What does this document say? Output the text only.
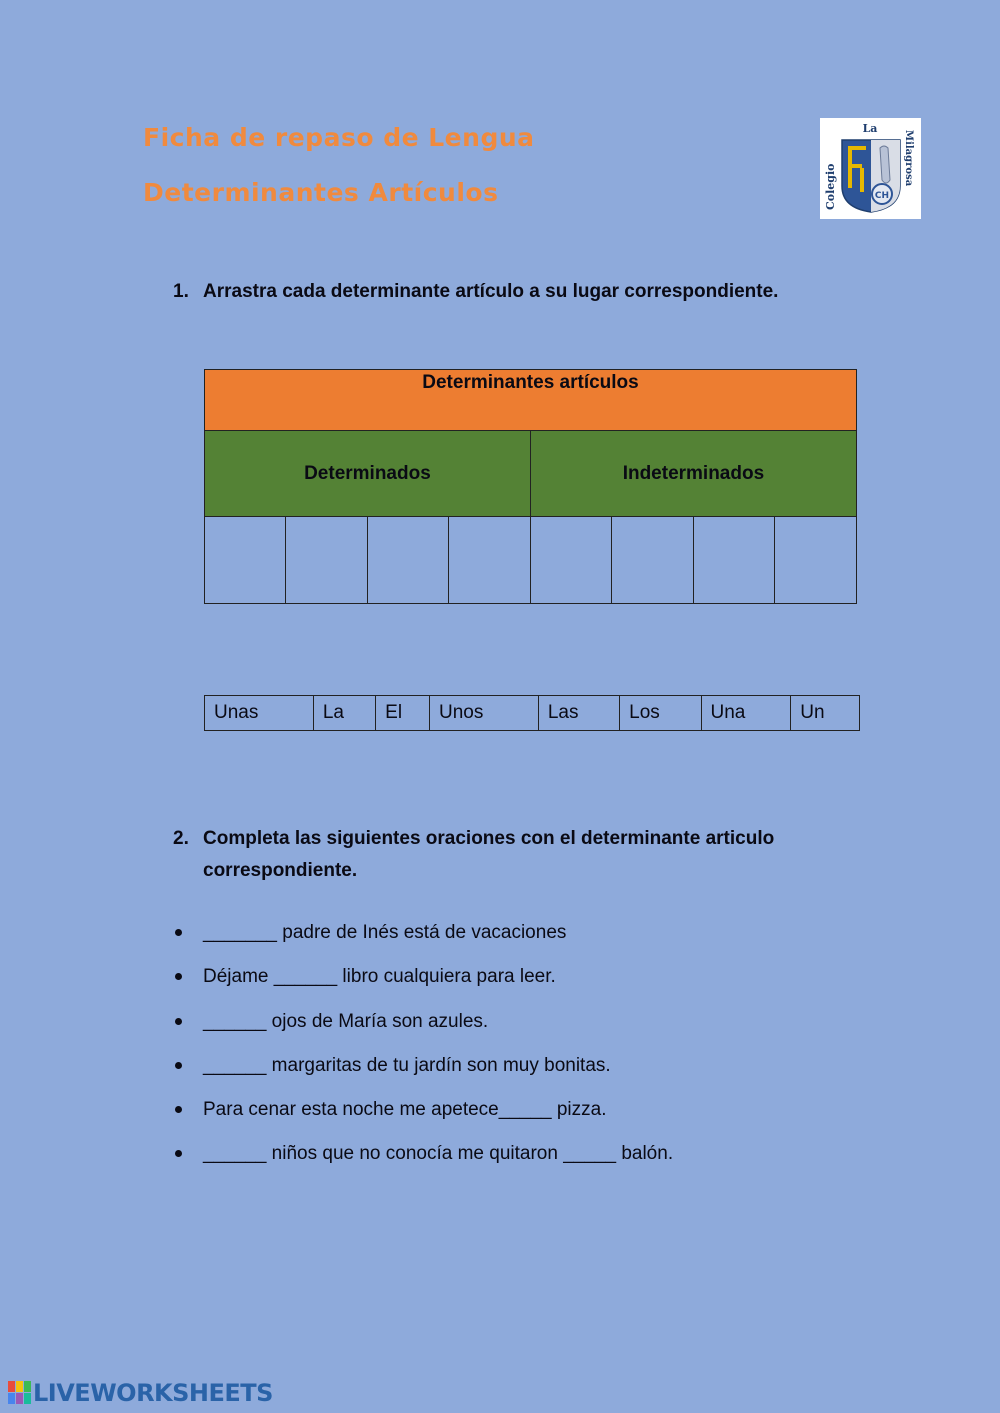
Ficha de repaso de Lengua
Determinantes Artículos
La
Colegio
Milagrosa
CH
1. Arrastra cada determinante artículo a su lugar correspondiente.
Determinantes artículos							
Determinados				Indeterminados			

Unas	La	El	Unos	Las	Los	Una	Un
2. Completa las siguientes oraciones con el determinante articulo correspondiente.
_______ padre de Inés está de vacaciones
Déjame ______ libro cualquiera para leer.
______ ojos de María son azules.
______ margaritas de tu jardín son muy bonitas.
Para cenar esta noche me apetece_____ pizza.
______ niños que no conocía me quitaron _____ balón.
LIVEWORKSHEETS
